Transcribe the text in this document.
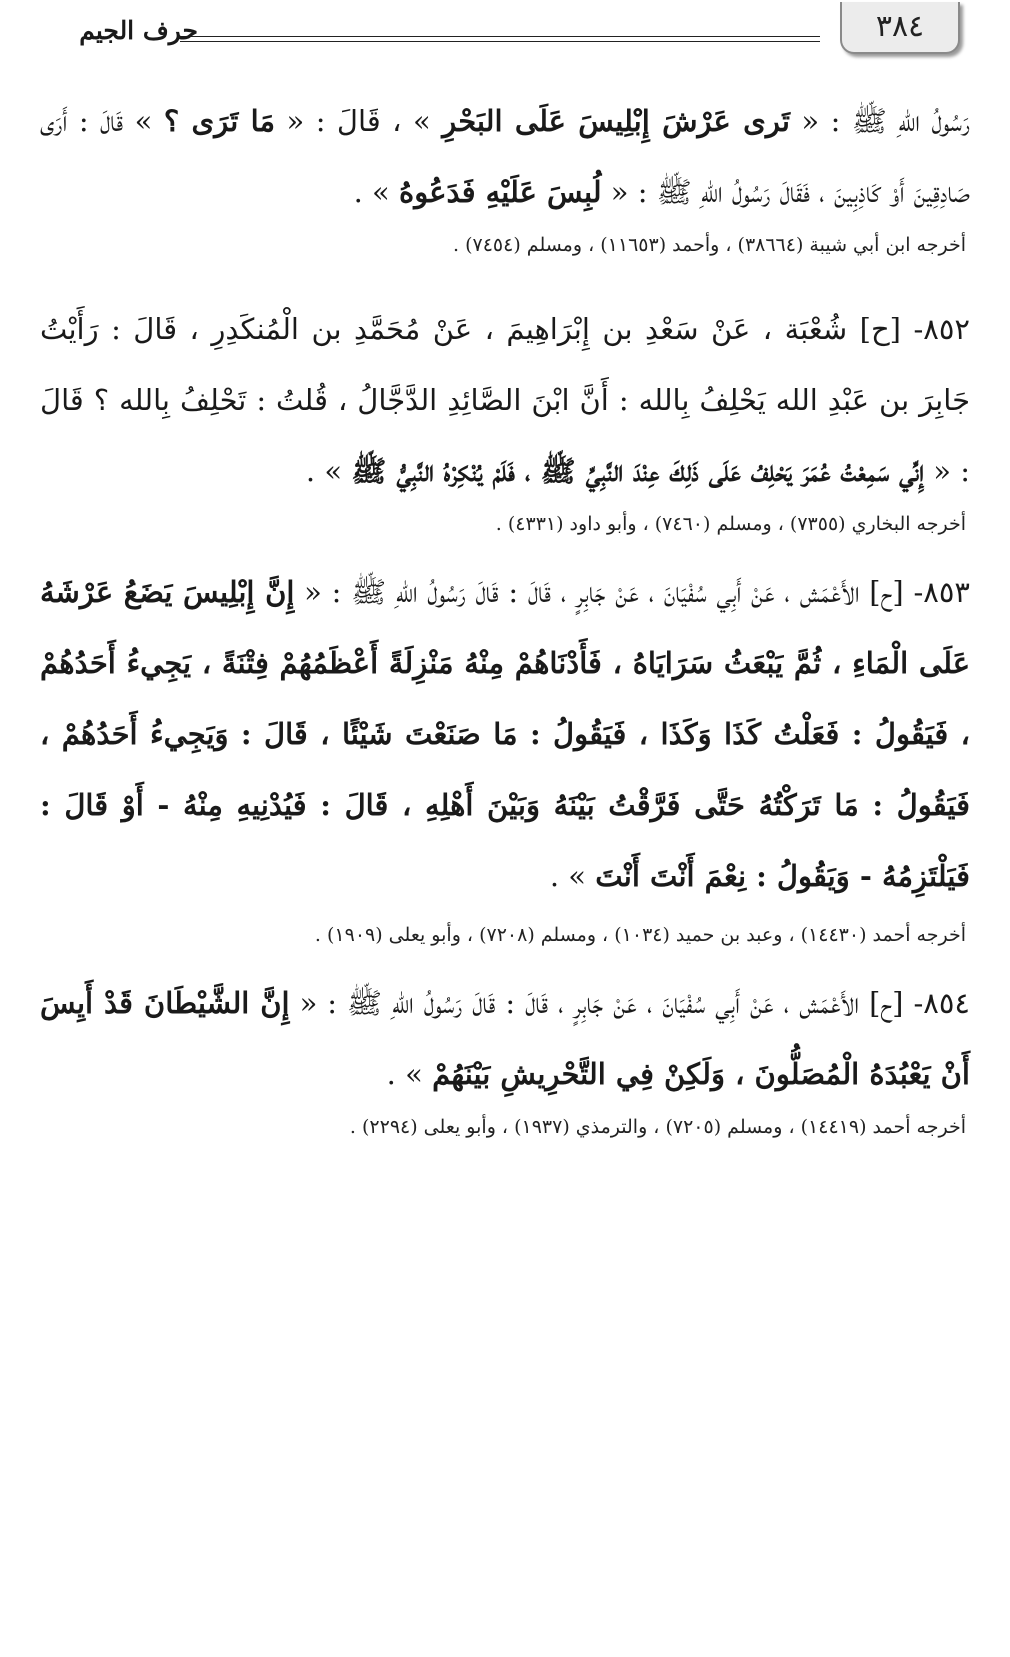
٣٨٤
حرف الجيم

رَسُولُ اللهِ ﷺ : « تَرى عَرْشَ إِبْلِيسَ عَلَى البَحْرِ » ، قَالَ : « مَا تَرَى ؟ » قَالَ : أَرَى صَادِقِينَ أَوْ كَاذِبِينَ ، فَقَالَ رَسُولُ اللهِ ﷺ : « لُبِسَ عَلَيْهِ فَدَعُوهُ » .

أخرجه ابن أبي شيبة (٣٨٦٦٤) ، وأحمد (١١٦٥٣) ، ومسلم (٧٤٥٤) .

٨٥٢- [ح] شُعْبَة ، عَنْ سَعْدِ بن إِبْرَاهِيمَ ، عَنْ مُحَمَّدِ بن الْمُنكَدِرِ ، قَالَ : رَأَيْتُ جَابِرَ بن عَبْدِ الله يَحْلِفُ بِالله : أَنَّ ابْنَ الصَّائِدِ الدَّجَّالُ ، قُلتُ : تَحْلِفُ بِالله ؟ قَالَ : « إِنِّي سَمِعْتُ عُمَرَ يَحْلِفُ عَلَى ذَلِكَ عِنْدَ النَّبِيِّ ﷺ ، فَلَمْ يُنْكِرْهُ النَّبِيُّ ﷺ » .

أخرجه البخاري (٧٣٥٥) ، ومسلم (٧٤٦٠) ، وأبو داود (٤٣٣١) .

٨٥٣- [ح] الأَعْمَش ، عَنْ أَبِي سُفْيَانَ ، عَنْ جَابِرٍ ، قَالَ : قَالَ رَسُولُ اللهِ ﷺ : « إِنَّ إِبْلِيسَ يَضَعُ عَرْشَهُ عَلَى الْمَاءِ ، ثُمَّ يَبْعَثُ سَرَايَاهُ ، فَأَدْنَاهُمْ مِنْهُ مَنْزِلَةً أَعْظَمُهُمْ فِتْنَةً ، يَجِيءُ أَحَدُهُمْ ، فَيَقُولُ : فَعَلْتُ كَذَا وَكَذَا ، فَيَقُولُ : مَا صَنَعْتَ شَيْئًا ، قَالَ : وَيَجِيءُ أَحَدُهُمْ ، فَيَقُولُ : مَا تَرَكْتُهُ حَتَّى فَرَّقْتُ بَيْنَهُ وَبَيْنَ أَهْلِهِ ، قَالَ : فَيُدْنِيهِ مِنْهُ - أَوْ قَالَ : فَيَلْتَزِمُهُ - وَيَقُولُ : نِعْمَ أَنْتَ أَنْتَ » .

أخرجه أحمد (١٤٤٣٠) ، وعبد بن حميد (١٠٣٤) ، ومسلم (٧٢٠٨) ، وأبو يعلى (١٩٠٩) .

٨٥٤- [ح] الأَعْمَش ، عَنْ أَبِي سُفْيَانَ ، عَنْ جَابِرٍ ، قَالَ : قَالَ رَسُولُ اللهِ ﷺ : « إِنَّ الشَّيْطَانَ قَدْ أَيِسَ أَنْ يَعْبُدَهُ الْمُصَلُّونَ ، وَلَكِنْ فِي التَّحْرِيشِ بَيْنَهُمْ » .

أخرجه أحمد (١٤٤١٩) ، ومسلم (٧٢٠٥) ، والترمذي (١٩٣٧) ، وأبو يعلى (٢٢٩٤) .
